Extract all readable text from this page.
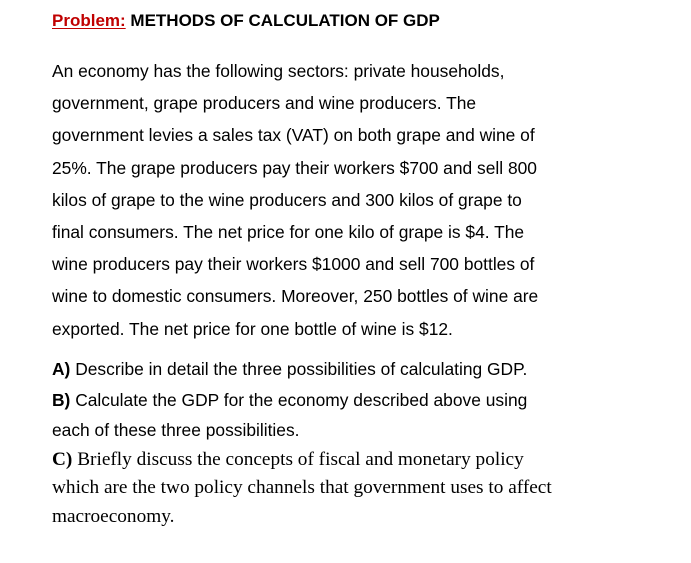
Problem: METHODS OF CALCULATION OF GDP
An economy has the following sectors: private households,
government, grape producers and wine producers. The
government levies a sales tax (VAT) on both grape and wine of
25%. The grape producers pay their workers $700 and sell 800
kilos of grape to the wine producers and 300 kilos of grape to
final consumers. The net price for one kilo of grape is $4. The
wine producers pay their workers $1000 and sell 700 bottles of
wine to domestic consumers. Moreover, 250 bottles of wine are
exported. The net price for one bottle of wine is $12.
A) Describe in detail the three possibilities of calculating GDP.
B) Calculate the GDP for the economy described above using
each of these three possibilities.
C) Briefly discuss the concepts of fiscal and monetary policy
which are the two policy channels that government uses to affect
macroeconomy.
